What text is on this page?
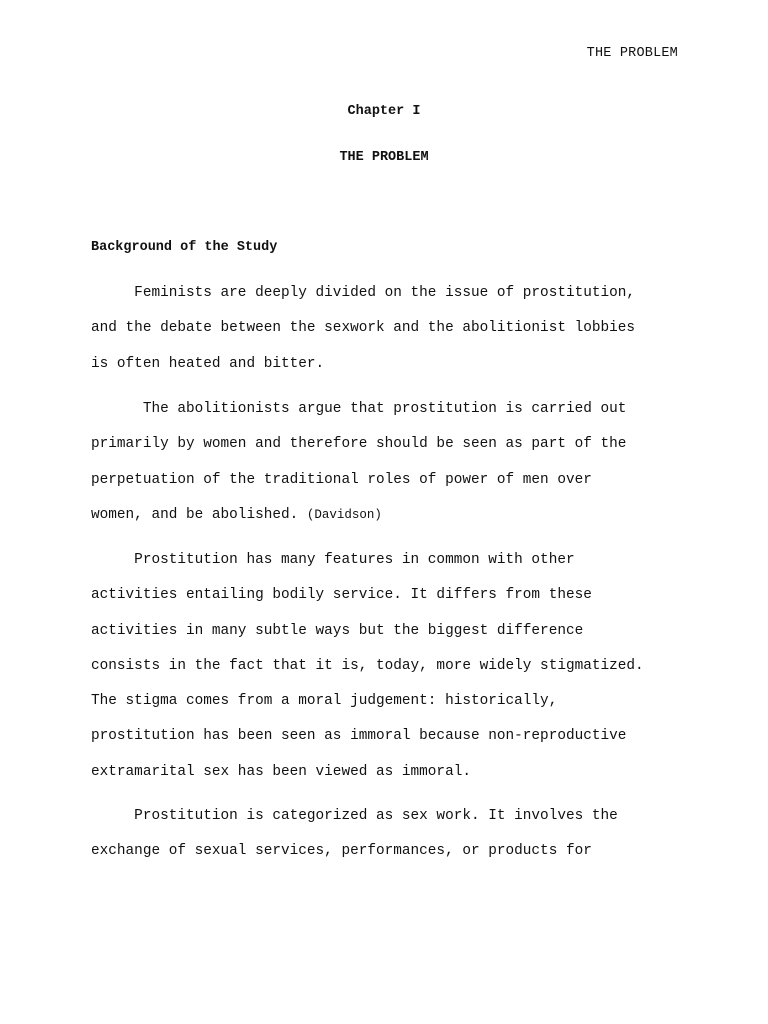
THE PROBLEM
Chapter I
THE PROBLEM
Background of the Study
Feminists are deeply divided on the issue of prostitution,
and the debate between the sexwork and the abolitionist lobbies
is often heated and bitter.
The abolitionists argue that prostitution is carried out
primarily by women and therefore should be seen as part of the
perpetuation of the traditional roles of power of men over
women, and be abolished. (Davidson)
Prostitution has many features in common with other
activities entailing bodily service. It differs from these
activities in many subtle ways but the biggest difference
consists in the fact that it is, today, more widely stigmatized.
The stigma comes from a moral judgement: historically,
prostitution has been seen as immoral because non-reproductive
extramarital sex has been viewed as immoral.
Prostitution is categorized as sex work. It involves the
exchange of sexual services, performances, or products for
